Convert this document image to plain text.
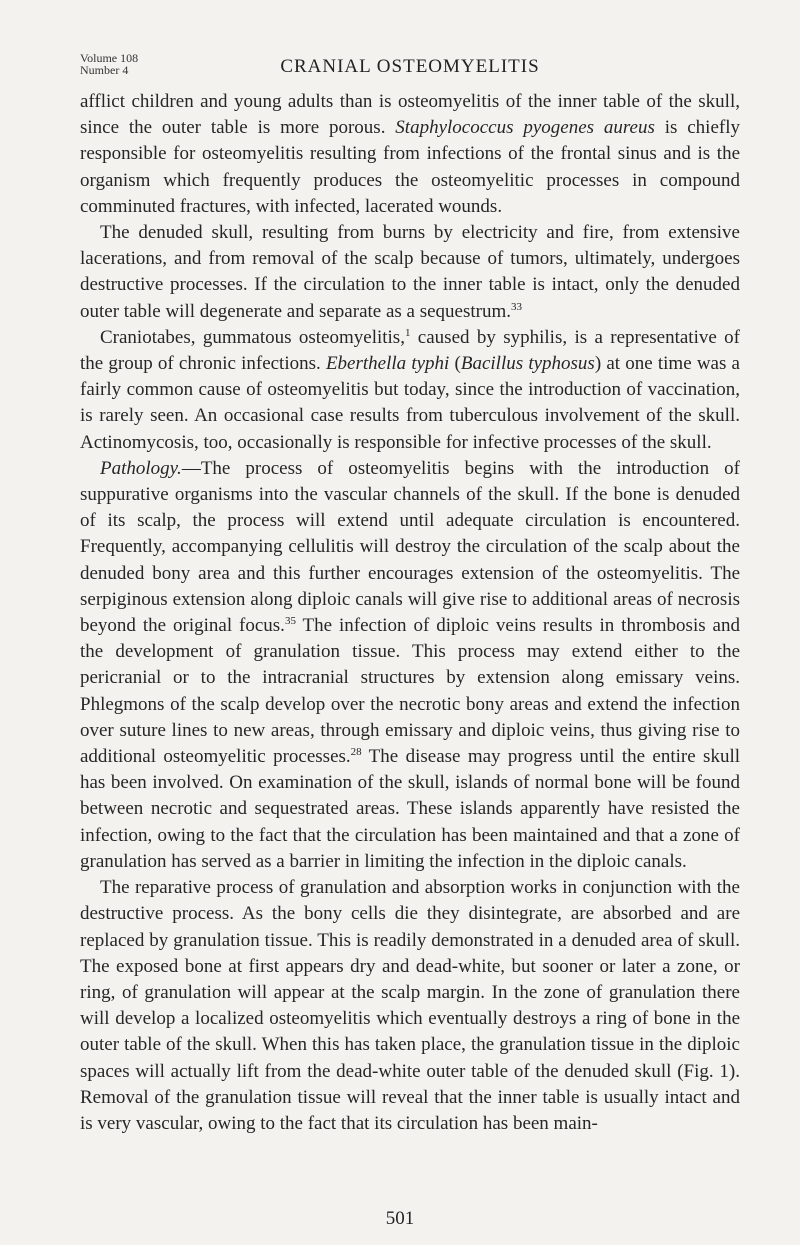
Volume 108
Number 4	CRANIAL OSTEOMYELITIS

afflict children and young adults than is osteomyelitis of the inner table of the skull, since the outer table is more porous. Staphylococcus pyogenes aureus is chiefly responsible for osteomyelitis resulting from infections of the frontal sinus and is the organism which frequently produces the osteomyelitic processes in compound comminuted fractures, with infected, lacerated wounds.

The denuded skull, resulting from burns by electricity and fire, from extensive lacerations, and from removal of the scalp because of tumors, ultimately, undergoes destructive processes. If the circulation to the inner table is intact, only the denuded outer table will degenerate and separate as a sequestrum.$^{33}$

Craniotabes, gummatous osteomyelitis,$^1$ caused by syphilis, is a representative of the group of chronic infections. Eberthella typhi (Bacillus typhosus) at one time was a fairly common cause of osteomyelitis but today, since the introduction of vaccination, is rarely seen. An occasional case results from tuberculous involvement of the skull. Actinomycosis, too, occasionally is responsible for infective processes of the skull.

Pathology.—The process of osteomyelitis begins with the introduction of suppurative organisms into the vascular channels of the skull. If the bone is denuded of its scalp, the process will extend until adequate circulation is encountered. Frequently, accompanying cellulitis will destroy the circulation of the scalp about the denuded bony area and this further encourages extension of the osteomyelitis. The serpiginous extension along diploic canals will give rise to additional areas of necrosis beyond the original focus.$^{35}$ The infection of diploic veins results in thrombosis and the development of granulation tissue. This process may extend either to the pericranial or to the intracranial structures by extension along emissary veins. Phlegmons of the scalp develop over the necrotic bony areas and extend the infection over suture lines to new areas, through emissary and diploic veins, thus giving rise to additional osteomyelitic processes.$^{28}$ The disease may progress until the entire skull has been involved. On examination of the skull, islands of normal bone will be found between necrotic and sequestrated areas. These islands apparently have resisted the infection, owing to the fact that the circulation has been maintained and that a zone of granulation has served as a barrier in limiting the infection in the diploic canals.

The reparative process of granulation and absorption works in conjunction with the destructive process. As the bony cells die they disintegrate, are absorbed and are replaced by granulation tissue. This is readily demonstrated in a denuded area of skull. The exposed bone at first appears dry and dead-white, but sooner or later a zone, or ring, of granulation will appear at the scalp margin. In the zone of granulation there will develop a localized osteomyelitis which eventually destroys a ring of bone in the outer table of the skull. When this has taken place, the granulation tissue in the diploic spaces will actually lift from the dead-white outer table of the denuded skull (Fig. 1). Removal of the granulation tissue will reveal that the inner table is usually intact and is very vascular, owing to the fact that its circulation has been main-

501
